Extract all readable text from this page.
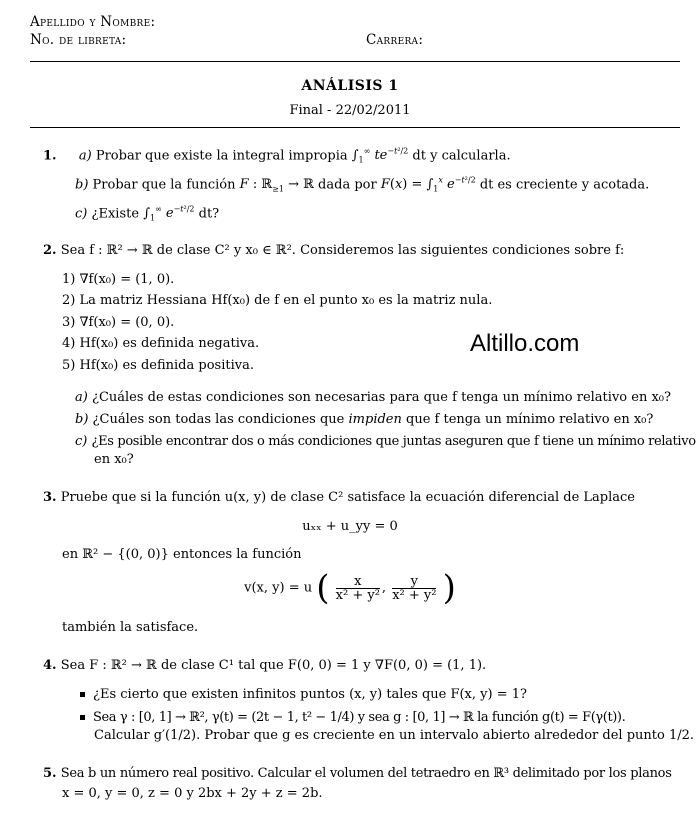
Apellido y Nombre:
No. de libreta:	Carrera:
ANÁLISIS 1
Final - 22/02/2011
1. a) Probar que existe la integral impropia $\int_1^\infty$ $te^{-t^2/2}$ dt y calcularla.
b) Probar que la función F : ℝ$_{\ge 1}$ → ℝ dada por $F(x) = \int_1^x$ $e^{-t^2/2}$ dt es creciente y acotada.
c) ¿Existe $\int_1^\infty$ $e^{-t^2/2}$ dt?
2. Sea f : ℝ² → ℝ de clase C² y x₀ ∈ ℝ². Consideremos las siguientes condiciones sobre f:
1) ∇f(x₀) = (1, 0).
2) La matriz Hessiana Hf(x₀) de f en el punto x₀ es la matriz nula.
3) ∇f(x₀) = (0, 0).
4) Hf(x₀) es definida negativa.
5) Hf(x₀) es definida positiva.
Altillo.com
a) ¿Cuáles de estas condiciones son necesarias para que f tenga un mínimo relativo en x₀?
b) ¿Cuáles son todas las condiciones que impiden que f tenga un mínimo relativo en x₀?
c) ¿Es posible encontrar dos o más condiciones que juntas aseguren que f tiene un mínimo relativo
en x₀?
3. Pruebe que si la función u(x, y) de clase C² satisface la ecuación diferencial de Laplace
uₓₓ + u_yy = 0
en ℝ² − {(0, 0)} entonces la función
v(x, y) = u ( $\frac{x}{\text{x² + y²}}$ , $\frac{y}{\text{x² + y²}}$ )
también la satisface.
4. Sea F : ℝ² → ℝ de clase C¹ tal que F(0, 0) = 1 y ∇F(0, 0) = (1, 1).
¿Es cierto que existen infinitos puntos (x, y) tales que F(x, y) = 1?
Sea γ : [0, 1] → ℝ², γ(t) = (2t − 1, t² − 1/4) y sea g : [0, 1] → ℝ la función g(t) = F(γ(t)).
Calcular g′(1/2). Probar que g es creciente en un intervalo abierto alrededor del punto 1/2.
5. Sea b un número real positivo. Calcular el volumen del tetraedro en ℝ³ delimitado por los planos
x = 0, y = 0, z = 0 y 2bx + 2y + z = 2b.
